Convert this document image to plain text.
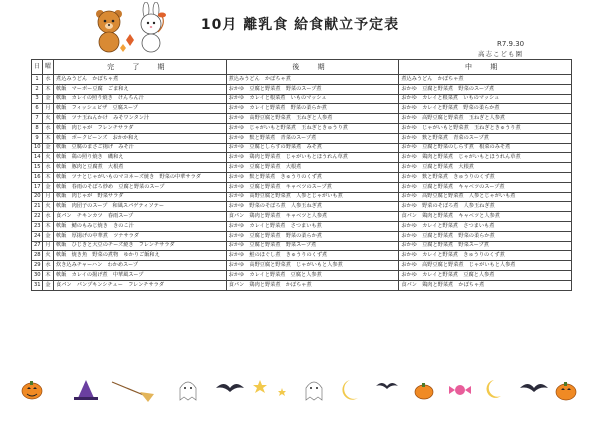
10月 離乳食 給食献立予定表
R7.9.30
高志こども園
日	曜	完 了 期	後 期	中 期
1	水	煮込みうどん　かぼちゃ煮	煮込みうどん　かぼちゃ煮	煮込みうどん　かぼちゃ煮
2	木	軟飯　マーボー豆腐　ごま和え	おかゆ　豆腐と野菜煮　野菜のスープ煮	おかゆ　豆腐と野菜煮　野菜のスープ煮
3	金	軟飯　カレイの照り焼き　けんちん汁	おかゆ　カレイと根菜煮　いものマッシュ	おかゆ　カレイと根菜煮　いものマッシュ
6	月	軟飯　フィッシュピザ　豆腐スープ	おかゆ　カレイと野菜煮　野菜の柔らか煮	おかゆ　カレイと野菜煮　野菜の柔らか煮
7	火	軟飯　ツナ玉ねんかけ　みそワンタン汁	おかゆ　高野豆腐と野菜煮　玉ねぎと人参煮	おかゆ　高野豆腐と野菜煮　玉ねぎと人参煮
8	水	軟飯　肉じゃが　フレンチサラダ	おかゆ　じゃがいもと野菜煮　玉ねぎときゅうり煮	おかゆ　じゃがいもと野菜煮　玉ねぎときゅうり煮
9	木	軟飯　ポークビーンズ　おかか和え	おかゆ　麩と野菜煮　青菜のスープ煮	おかゆ　麩と野菜煮　青菜のスープ煮
10	金	軟飯　豆腐のまさご揚げ　みそ汁	おかゆ　豆腐としらすの野菜煮　みそ煮	おかゆ　豆腐と野菜のしらす煮　根菜のみそ煮
14	火	軟飯　鶏の照り焼き　磯和え	おかゆ　鶏肉と野菜煮　じゃがいもとほうれん草煮	おかゆ　鶏肉と野菜煮　じゃがいもとほうれん草煮
15	水	軟飯　豚肉と豆腐煮　大根煮	おかゆ　豆腐と野菜煮　大根煮	おかゆ　豆腐と野菜煮　大根煮
16	木	軟飯　ツナとじゃがいものマヨネーズ焼き　野菜の中華サラダ	おかゆ　麩と野菜煮　きゅうりのくず煮	おかゆ　麩と野菜煮　きゅうりのくず煮
17	金	軟飯　春雨のそぼろ炒め　豆腐と野菜のスープ	おかゆ　豆腐と野菜煮　キャベツのスープ煮	おかゆ　豆腐と野菜煮　キャベツのスープ煮
20	月	軟飯　肉じゃが　野菜サラダ	おかゆ　高野豆腐と野菜煮　人参とじゃがいも煮	おかゆ　高野豆腐と野菜煮　人参とじゃがいも煮
21	火	軟飯　肉団子のスープ　和風スパゲティソテー	おかゆ　野菜のそぼろ煮　人参玉ねぎ煮	おかゆ　野菜のそぼろ煮　人参玉ねぎ煮
22	水	食パン　チキンカツ　春雨スープ	食パン　鶏肉と野菜煮　キャベツと人参煮	食パン　鶏肉と野菜煮　キャベツと人参煮
23	木	軟飯　鯖のもみじ焼き　きのこ汁	おかゆ　カレイと野菜煮　さつまいも煮	おかゆ　カレイと野菜煮　さつまいも煮
24	金	軟飯　厚揚げの中華煮　ツナサラダ	おかゆ　豆腐と野菜煮　野菜の柔らか煮	おかゆ　豆腐と野菜煮　野菜の柔らか煮
27	月	軟飯　ひじきと大豆のチーズ焼き　フレンチサラダ	おかゆ　豆腐と野菜煮　野菜スープ煮	おかゆ　豆腐と野菜煮　野菜スープ煮
28	火	軟飯　焼き魚　野菜の煮物　ゆかりご飯和え	おかゆ　鮭のほぐし煮　きゅうりのくず煮	おかゆ　カレイと野菜煮　きゅうりのくず煮
29	水	炊き込みチャーハン　わかめスープ	おかゆ　高野豆腐と野菜煮　じゃがいもと人参煮	おかゆ　高野豆腐と野菜煮　じゃがいもと人参煮
30	木	軟飯　カレイの揚げ煮　中華風スープ	おかゆ　カレイと野菜煮　豆腐と人参煮	おかゆ　カレイと野菜煮　豆腐と人参煮
31	金	食パン　パンプキンシチュー　フレンチサラダ	食パン　鶏肉と野菜煮　かぼちゃ煮	食パン　鶏肉と野菜煮　かぼちゃ煮
